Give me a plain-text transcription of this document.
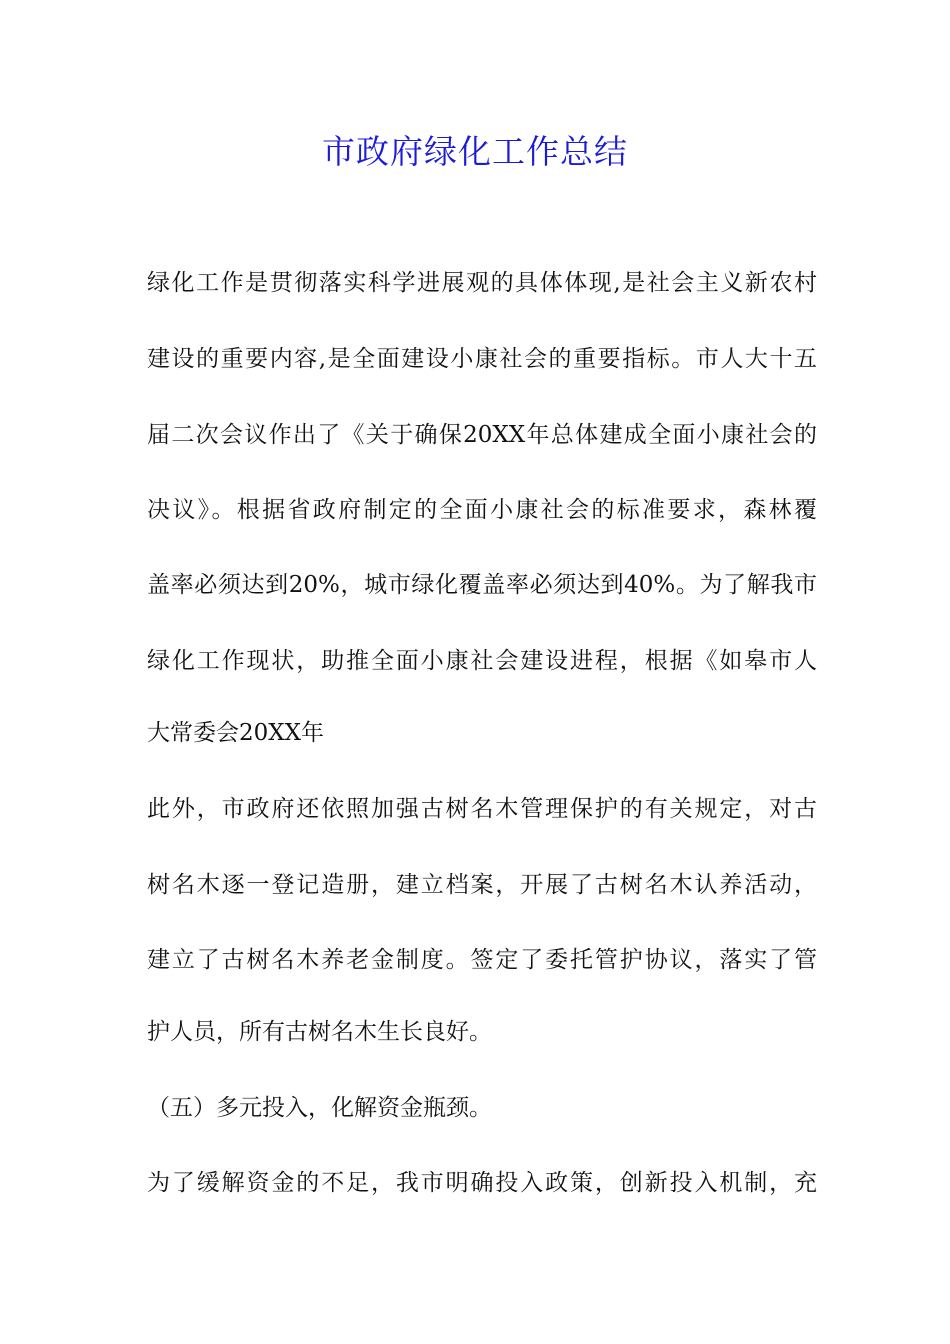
市政府绿化工作总结
绿化工作是贯彻落实科学进展观的具体体现,是社会主义新农村
建设的重要内容,是全面建设小康社会的重要指标。市人大十五
届二次会议作出了《关于确保20XX年总体建成全面小康社会的
决议》。根据省政府制定的全面小康社会的标准要求，森林覆
盖率必须达到20%，城市绿化覆盖率必须达到40%。为了解我市
绿化工作现状，助推全面小康社会建设进程，根据《如皋市人
大常委会20XX年
此外，市政府还依照加强古树名木管理保护的有关规定，对古
树名木逐一登记造册，建立档案，开展了古树名木认养活动，
建立了古树名木养老金制度。签定了委托管护协议，落实了管
护人员，所有古树名木生长良好。
（五）多元投入，化解资金瓶颈。
为了缓解资金的不足，我市明确投入政策，创新投入机制，充
